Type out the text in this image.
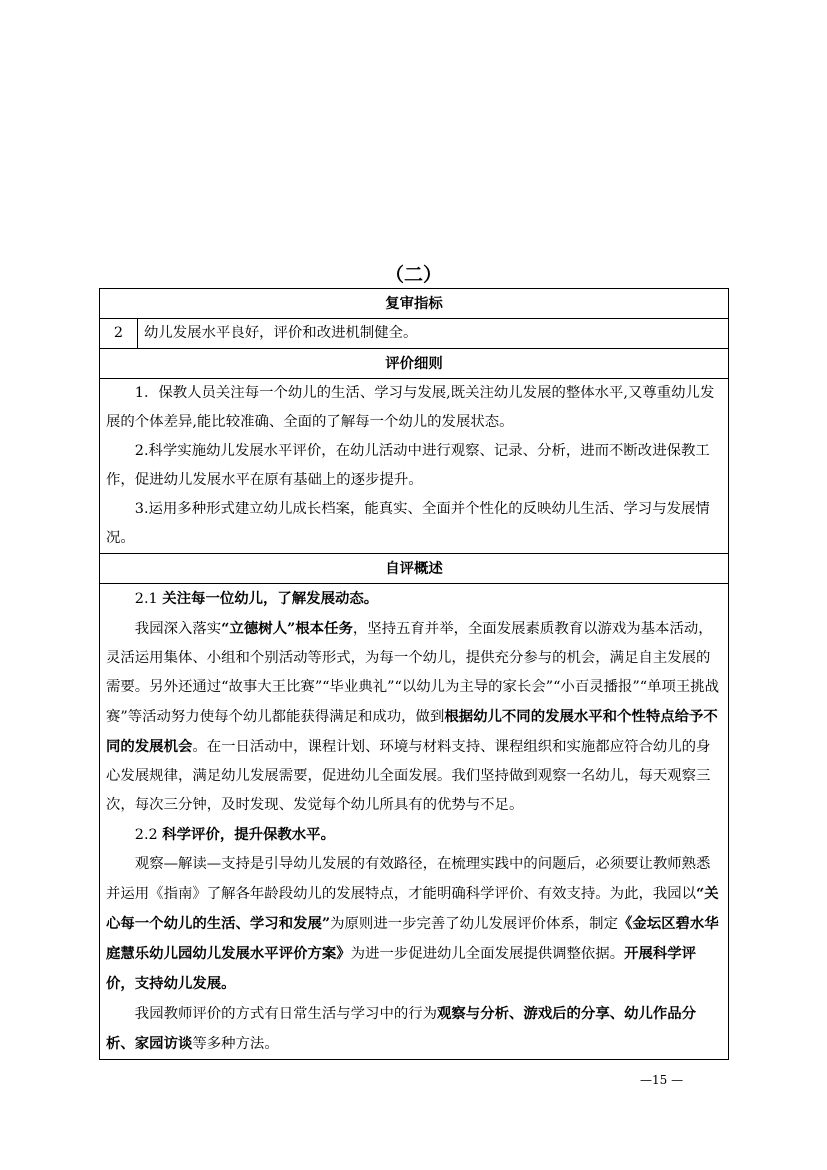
（二）
复审指标
2	幼儿发展水平良好，评价和改进机制健全。
评价细则

1．保教人员关注每一个幼儿的生活、学习与发展,既关注幼儿发展的整体水平,又尊重幼儿发展的个体差异,能比较准确、全面的了解每一个幼儿的发展状态。

2.科学实施幼儿发展水平评价，在幼儿活动中进行观察、记录、分析，进而不断改进保教工作，促进幼儿发展水平在原有基础上的逐步提升。

3.运用多种形式建立幼儿成长档案，能真实、全面并个性化的反映幼儿生活、学习与发展情况。

自评概述

2.1 关注每一位幼儿，了解发展动态。

我园深入落实“立德树人”根本任务，坚持五育并举，全面发展素质教育以游戏为基本活动，灵活运用集体、小组和个别活动等形式，为每一个幼儿，提供充分参与的机会，满足自主发展的需要。另外还通过“故事大王比赛”“毕业典礼”“以幼儿为主导的家长会”“小百灵播报”“单项王挑战赛”等活动努力使每个幼儿都能获得满足和成功，做到根据幼儿不同的发展水平和个性特点给予不同的发展机会。在一日活动中，课程计划、环境与材料支持、课程组织和实施都应符合幼儿的身心发展规律，满足幼儿发展需要，促进幼儿全面发展。我们坚持做到观察一名幼儿，每天观察三次，每次三分钟，及时发现、发觉每个幼儿所具有的优势与不足。

2.2 科学评价，提升保教水平。

观察—解读—支持是引导幼儿发展的有效路径，在梳理实践中的问题后，必须要让教师熟悉并运用《指南》了解各年龄段幼儿的发展特点，才能明确科学评价、有效支持。为此，我园以“关心每一个幼儿的生活、学习和发展”为原则进一步完善了幼儿发展评价体系，制定《金坛区碧水华庭慧乐幼儿园幼儿发展水平评价方案》为进一步促进幼儿全面发展提供调整依据。开展科学评价，支持幼儿发展。

我园教师评价的方式有日常生活与学习中的行为观察与分析、游戏后的分享、幼儿作品分析、家园访谈等多种方法。

—15 —
